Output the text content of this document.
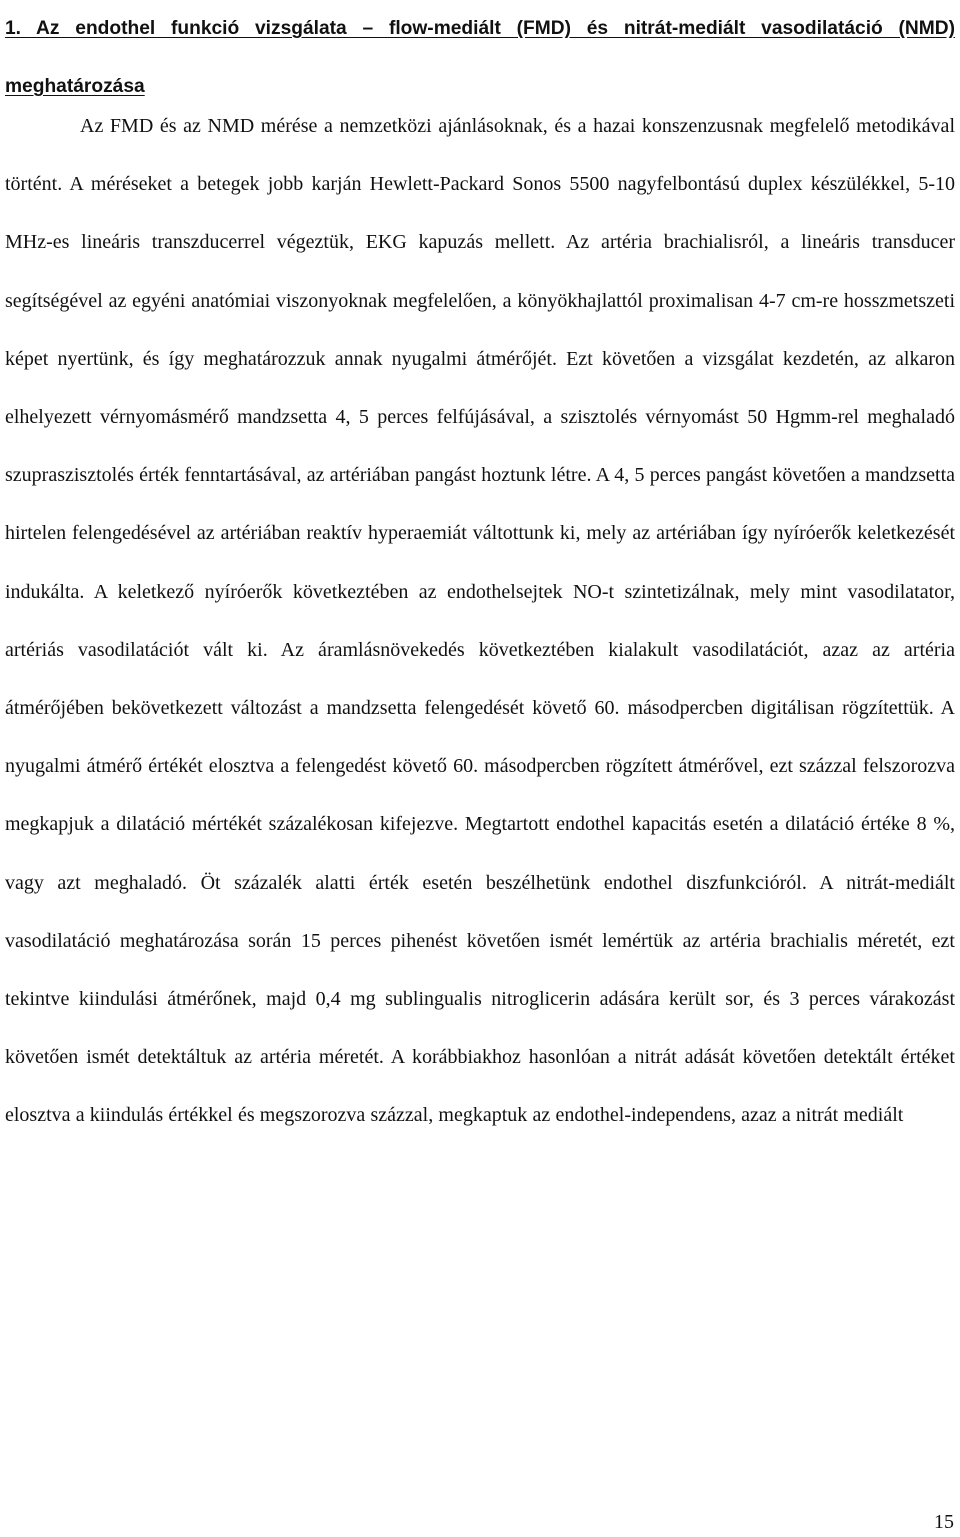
1. Az endothel funkció vizsgálata – flow-mediált (FMD) és nitrát-mediált vasodilatáció (NMD) meghatározása

Az FMD és az NMD mérése a nemzetközi ajánlásoknak, és a hazai konszenzusnak megfelelő metodikával történt. A méréseket a betegek jobb karján Hewlett-Packard Sonos 5500 nagyfelbontású duplex készülékkel, 5-10 MHz-es lineáris transzducerrel végeztük, EKG kapuzás mellett. Az artéria brachialisról, a lineáris transducer segítségével az egyéni anatómiai viszonyoknak megfelelően, a könyökhajlattól proximalisan 4-7 cm-re hosszmetszeti képet nyertünk, és így meghatározzuk annak nyugalmi átmérőjét. Ezt követően a vizsgálat kezdetén, az alkaron elhelyezett vérnyomásmérő mandzsetta 4, 5 perces felfújásával, a szisztolés vérnyomást 50 Hgmm-rel meghaladó szupraszisztolés érték fenntartásával, az artériában pangást hoztunk létre. A 4, 5 perces pangást követően a mandzsetta hirtelen felengedésével az artériában reaktív hyperaemiát váltottunk ki, mely az artériában így nyíróerők keletkezését indukálta. A keletkező nyíróerők következtében az endothelsejtek NO-t szintetizálnak, mely mint vasodilatator, artériás vasodilatációt vált ki. Az áramlásnövekedés következtében kialakult vasodilatációt, azaz az artéria átmérőjében bekövetkezett változást a mandzsetta felengedését követő 60. másodpercben digitálisan rögzítettük. A nyugalmi átmérő értékét elosztva a felengedést követő 60. másodpercben rögzített átmérővel, ezt százzal felszorozva megkapjuk a dilatáció mértékét százalékosan kifejezve. Megtartott endothel kapacitás esetén a dilatáció értéke 8 %, vagy azt meghaladó. Öt százalék alatti érték esetén beszélhetünk endothel diszfunkcióról. A nitrát-mediált vasodilatáció meghatározása során 15 perces pihenést követően ismét lemértük az artéria brachialis méretét, ezt tekintve kiindulási átmérőnek, majd 0,4 mg sublingualis nitroglicerin adására került sor, és 3 perces várakozást követően ismét detektáltuk az artéria méretét. A korábbiakhoz hasonlóan a nitrát adását követően detektált értéket elosztva a kiindulás értékkel és megszorozva százzal, megkaptuk az endothel-independens, azaz a nitrát mediált

15
